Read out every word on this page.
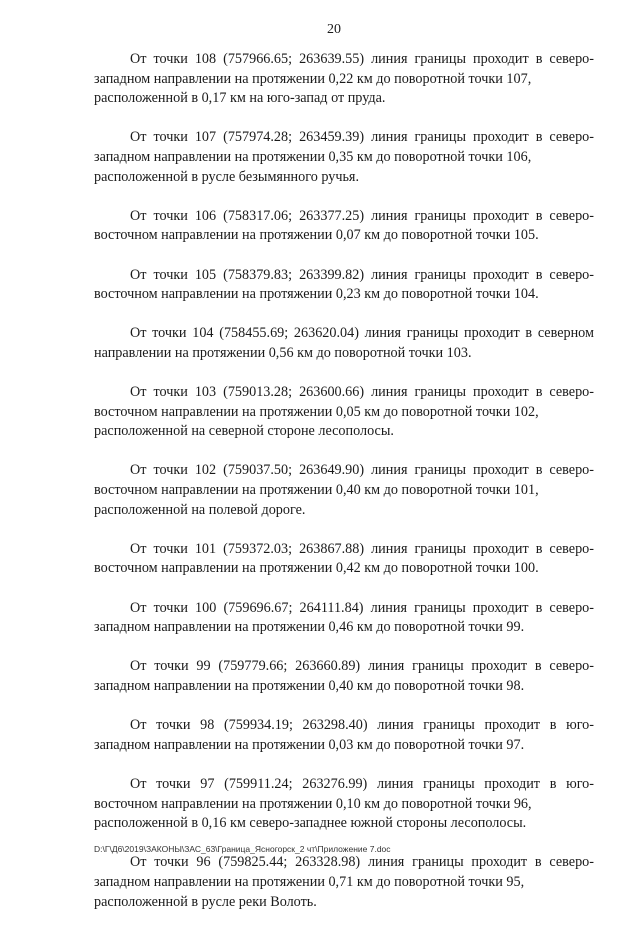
20

От точки 108 (757966.65; 263639.55) линия границы проходит в северо-западном направлении на протяжении 0,22 км до поворотной точки 107,
расположенной в 0,17 км на юго-запад от пруда.

От точки 107 (757974.28; 263459.39) линия границы проходит в северо-западном направлении на протяжении 0,35 км до поворотной точки 106,
расположенной в русле безымянного ручья.

От точки 106 (758317.06; 263377.25) линия границы проходит в северо-восточном направлении на протяжении 0,07 км до поворотной точки 105.

От точки 105 (758379.83; 263399.82) линия границы проходит в северо-восточном направлении на протяжении 0,23 км до поворотной точки 104.

От точки 104 (758455.69; 263620.04) линия границы проходит в северном направлении на протяжении 0,56 км до поворотной точки 103.

От точки 103 (759013.28; 263600.66) линия границы проходит в северо-восточном направлении на протяжении 0,05 км до поворотной точки 102,
расположенной на северной стороне лесополосы.

От точки 102 (759037.50; 263649.90) линия границы проходит в северо-восточном направлении на протяжении 0,40 км до поворотной точки 101,
расположенной на полевой дороге.

От точки 101 (759372.03; 263867.88) линия границы проходит в северо-восточном направлении на протяжении 0,42 км до поворотной точки 100.

От точки 100 (759696.67; 264111.84) линия границы проходит в северо-западном направлении на протяжении 0,46 км до поворотной точки 99.

От точки 99 (759779.66; 263660.89) линия границы проходит в северо-западном направлении на протяжении 0,40 км до поворотной точки 98.

От точки 98 (759934.19; 263298.40) линия границы проходит в юго-западном направлении на протяжении 0,03 км до поворотной точки 97.

От точки 97 (759911.24; 263276.99) линия границы проходит в юго-восточном направлении на протяжении 0,10 км до поворотной точки 96,
расположенной в 0,16 км северо-западнее южной стороны лесополосы.

От точки 96 (759825.44; 263328.98) линия границы проходит в северо-западном направлении на протяжении 0,71 км до поворотной точки 95,
расположенной в русле реки Волоть.

D:\Г\Д6\2019\ЗАКОНЫ\ЗАС_63\Граница_Ясногорск_2 чт\Приложение 7.doc
